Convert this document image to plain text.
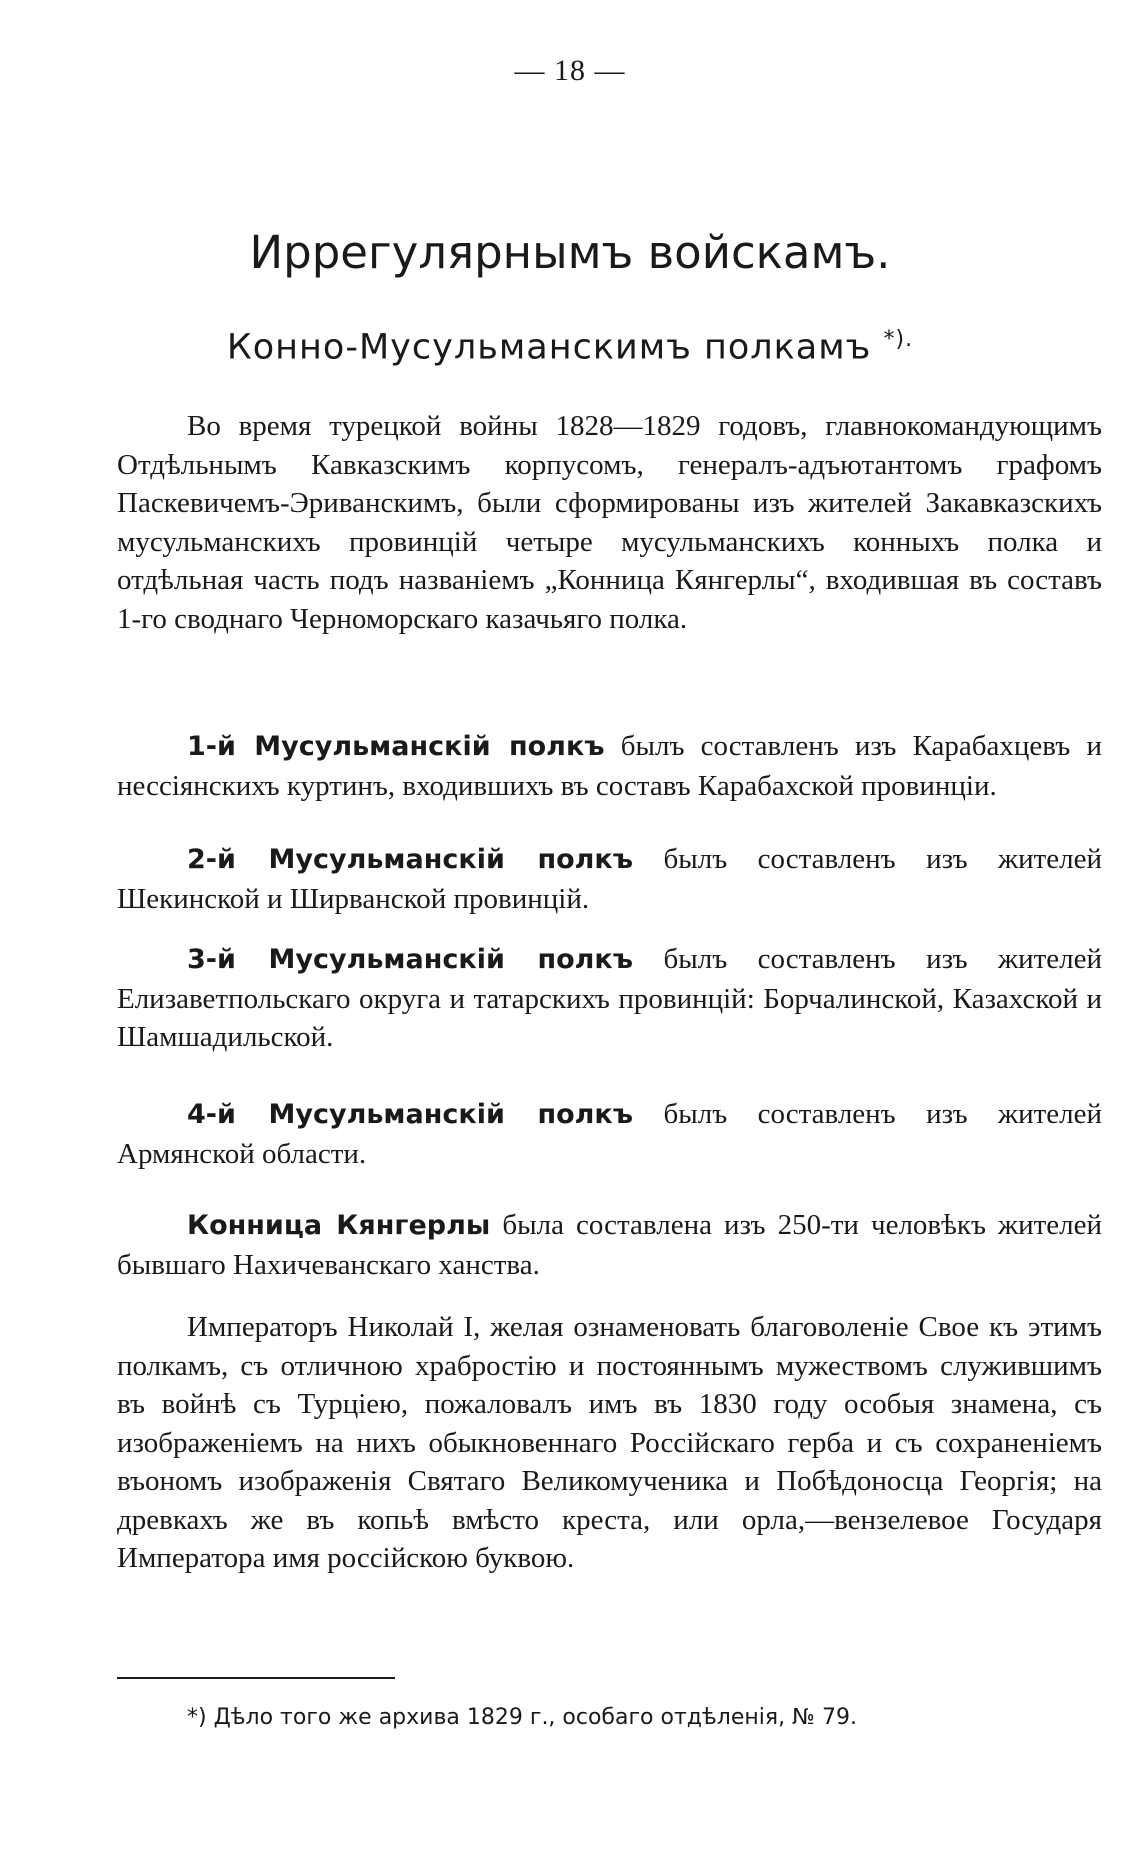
— 18 —
Иррегулярнымъ войскамъ.
Конно-Мусульманскимъ полкамъ *).

Во время турецкой войны 1828—1829 годовъ, главнокомандующимъ Отдѣльнымъ Кавказскимъ корпусомъ, генералъ-адъютантомъ графомъ Паскевичемъ-Эриванскимъ, были сформированы изъ жителей Закавказскихъ мусульманскихъ провинцій четыре мусульманскихъ конныхъ полка и отдѣльная часть подъ названіемъ „Конница Кянгерлы“, входившая въ составъ 1-го своднаго Черноморскаго казачьяго полка.

1-й Мусульманскій полкъ былъ составленъ изъ Карабахцевъ и нессіянскихъ куртинъ, входившихъ въ составъ Карабахской провинціи.

2-й Мусульманскій полкъ былъ составленъ изъ жителей Шекинской и Ширванской провинцій.

3-й Мусульманскій полкъ былъ составленъ изъ жителей Елизаветпольскаго округа и татарскихъ провинцій: Борчалинской, Казахской и Шамшадильской.

4-й Мусульманскій полкъ былъ составленъ изъ жителей Армянской области.

Конница Кянгерлы была составлена изъ 250-ти человѣкъ жителей бывшаго Нахичеванскаго ханства.

Императоръ Николай I, желая ознаменовать благоволеніе Свое къ этимъ полкамъ, съ отличною храбростію и постояннымъ мужествомъ служившимъ въ войнѣ съ Турціею, пожаловалъ имъ въ 1830 году особыя знамена, съ изображеніемъ на нихъ обыкновеннаго Россійскаго герба и съ сохраненіемъ въономъ изображенія Святаго Великомученика и Побѣдоносца Георгія; на древкахъ же въ копьѣ вмѣсто креста, или орла,—вензелевое Государя Императора имя россійскою буквою.

*) Дѣло того же архива 1829 г., особаго отдѣленія, № 79.
